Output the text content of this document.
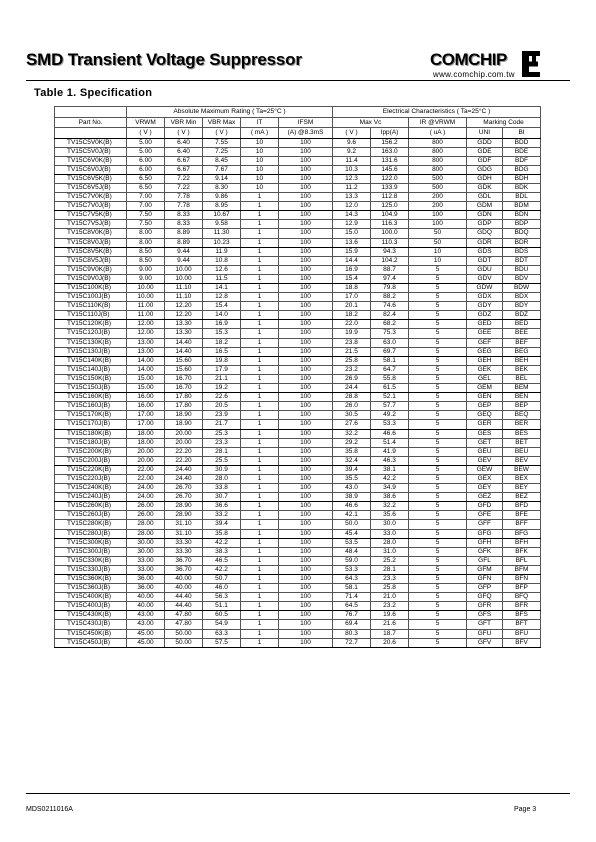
SMD Transient Voltage Suppressor	COMCHIP
www.comchip.com.tw
Table 1. Specification
	Absolute Maximum Rating ( Ta=25°C )					Electrical Characteristics ( Ta=25°C )				
Part No.	VRWM	VBR Min	VBR Max	IT	IFSM	Max Vc		IR @VRWM	Marking Code	
	( V )	( V )	( V )	( mA )	(A) @8.3mS	( V )	Ipp(A)	( uA )	UNI	BI
TV15C5V0K(B)	5.00	6.40	7.55	10	100	9.6	156.2	800	GDD	BDD
TV15C5V0J(B)	5.00	6.40	7.25	10	100	9.2	163.0	800	GDE	BDE
TV15C6V0K(B)	6.00	6.67	8.45	10	100	11.4	131.6	800	GDF	BDF
TV15C6V0J(B)	6.00	6.67	7.67	10	100	10.3	145.6	800	GDG	BDG
TV15C6V5K(B)	6.50	7.22	9.14	10	100	12.3	122.0	500	GDH	BDH
TV15C6V5J(B)	6.50	7.22	8.30	10	100	11.2	133.9	500	GDK	BDK
TV15C7V0K(B)	7.00	7.78	9.86	1	100	13.3	112.8	200	GDL	BDL
TV15C7V0J(B)	7.00	7.78	8.95	1	100	12.0	125.0	200	GDM	BDM
TV15C7V5K(B)	7.50	8.33	10.67	1	100	14.3	104.9	100	GDN	BDN
TV15C7V5J(B)	7.50	8.33	9.58	1	100	12.9	116.3	100	GDP	BDP
TV15C8V0K(B)	8.00	8.89	11.30	1	100	15.0	100.0	50	GDQ	BDQ
TV15C8V0J(B)	8.00	8.89	10.23	1	100	13.6	110.3	50	GDR	BDR
TV15C8V5K(B)	8.50	9.44	11.9	1	100	15.9	94.3	10	GDS	BDS
TV15C8V5J(B)	8.50	9.44	10.8	1	100	14.4	104.2	10	GDT	BDT
TV15C9V0K(B)	9.00	10.00	12.6	1	100	16.9	88.7	5	GDU	BDU
TV15C9V0J(B)	9.00	10.00	11.5	1	100	15.4	97.4	5	GDV	BDV
TV15C100K(B)	10.00	11.10	14.1	1	100	18.8	79.8	5	GDW	BDW
TV15C100J(B)	10.00	11.10	12.8	1	100	17.0	88.2	5	GDX	BDX
TV15C110K(B)	11.00	12.20	15.4	1	100	20.1	74.6	5	GDY	BDY
TV15C110J(B)	11.00	12.20	14.0	1	100	18.2	82.4	5	GDZ	BDZ
TV15C120K(B)	12.00	13.30	16.9	1	100	22.0	68.2	5	GED	BED
TV15C120J(B)	12.00	13.30	15.3	1	100	19.9	75.3	5	GEE	BEE
TV15C130K(B)	13.00	14.40	18.2	1	100	23.8	63.0	5	GEF	BEF
TV15C130J(B)	13.00	14.40	16.5	1	100	21.5	69.7	5	GEG	BEG
TV15C140K(B)	14.00	15.60	19.8	1	100	25.8	58.1	5	GEH	BEH
TV15C140J(B)	14.00	15.60	17.9	1	100	23.2	64.7	5	GEK	BEK
TV15C150K(B)	15.00	16.70	21.1	1	100	26.9	55.8	5	GEL	BEL
TV15C150J(B)	15.00	16.70	19.2	1	100	24.4	61.5	5	GEM	BEM
TV15C160K(B)	16.00	17.80	22.6	1	100	28.8	52.1	5	GEN	BEN
TV15C160J(B)	16.00	17.80	20.5	1	100	26.0	57.7	5	GEP	BEP
TV15C170K(B)	17.00	18.90	23.9	1	100	30.5	49.2	5	GEQ	BEQ
TV15C170J(B)	17.00	18.90	21.7	1	100	27.6	53.3	5	GER	BER
TV15C180K(B)	18.00	20.00	25.3	1	100	32.2	46.6	5	GES	BES
TV15C180J(B)	18.00	20.00	23.3	1	100	29.2	51.4	5	GET	BET
TV15C200K(B)	20.00	22.20	28.1	1	100	35.8	41.9	5	GEU	BEU
TV15C200J(B)	20.00	22.20	25.5	1	100	32.4	46.3	5	GEV	BEV
TV15C220K(B)	22.00	24.40	30.9	1	100	39.4	38.1	5	GEW	BEW
TV15C220J(B)	22.00	24.40	28.0	1	100	35.5	42.2	5	GEX	BEX
TV15C240K(B)	24.00	26.70	33.8	1	100	43.0	34.9	5	GEY	BEY
TV15C240J(B)	24.00	26.70	30.7	1	100	38.9	38.6	5	GEZ	BEZ
TV15C260K(B)	26.00	28.90	36.6	1	100	46.6	32.2	5	GFD	BFD
TV15C260J(B)	26.00	28.90	33.2	1	100	42.1	35.6	5	GFE	BFE
TV15C280K(B)	28.00	31.10	39.4	1	100	50.0	30.0	5	GFF	BFF
TV15C280J(B)	28.00	31.10	35.8	1	100	45.4	33.0	5	GFG	BFG
TV15C300K(B)	30.00	33.30	42.2	1	100	53.5	28.0	5	GFH	BFH
TV15C300J(B)	30.00	33.30	38.3	1	100	48.4	31.0	5	GFK	BFK
TV15C330K(B)	33.00	36.70	46.5	1	100	59.0	25.2	5	GFL	BFL
TV15C330J(B)	33.00	36.70	42.2	1	100	53.3	28.1	5	GFM	BFM
TV15C360K(B)	36.00	40.00	50.7	1	100	64.3	23.3	5	GFN	BFN
TV15C360J(B)	36.00	40.00	46.0	1	100	58.1	25.8	5	GFP	BFP
TV15C400K(B)	40.00	44.40	56.3	1	100	71.4	21.0	5	GFQ	BFQ
TV15C400J(B)	40.00	44.40	51.1	1	100	64.5	23.2	5	GFR	BFR
TV15C430K(B)	43.00	47.80	60.5	1	100	76.7	19.6	5	GFS	BFS
TV15C430J(B)	43.00	47.80	54.9	1	100	69.4	21.6	5	GFT	BFT
TV15C450K(B)	45.00	50.00	63.3	1	100	80.3	18.7	5	GFU	BFU
TV15C450J(B)	45.00	50.00	57.5	1	100	72.7	20.6	5	GFV	BFV
MDS0211016A	Page 3
